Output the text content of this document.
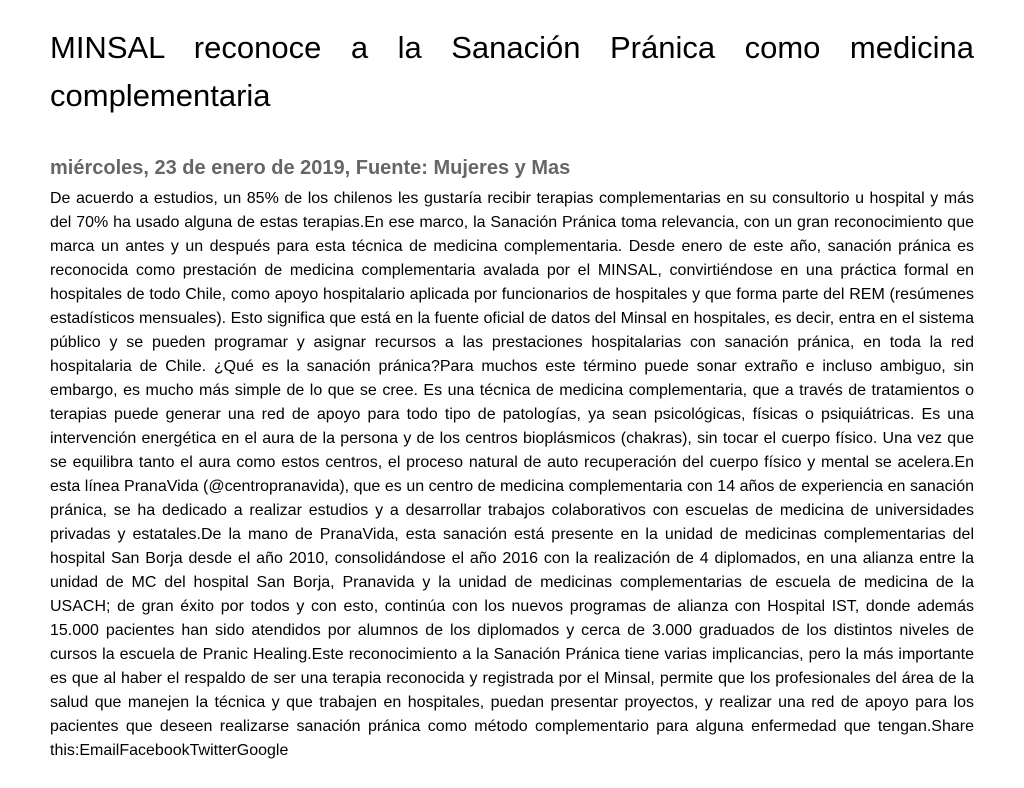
MINSAL reconoce a la Sanación Pránica como medicina complementaria
miércoles, 23 de enero de 2019, Fuente: Mujeres y Mas

De acuerdo a estudios, un 85% de los chilenos les gustaría recibir terapias complementarias en su consultorio u hospital y más del 70% ha usado alguna de estas terapias.En ese marco, la Sanación Pránica toma relevancia, con un gran reconocimiento que marca un antes y un después para esta técnica de medicina complementaria. Desde enero de este año, sanación pránica es reconocida como prestación de medicina complementaria avalada por el MINSAL, convirtiéndose en una práctica formal en hospitales de todo Chile, como apoyo hospitalario aplicada por funcionarios de hospitales y que forma parte del REM (resúmenes estadísticos mensuales). Esto significa que está en la fuente oficial de datos del Minsal en hospitales, es decir, entra en el sistema público y se pueden programar y asignar recursos a las prestaciones hospitalarias con sanación pránica, en toda la red hospitalaria de Chile. ¿Qué es la sanación pránica?Para muchos este término puede sonar extraño e incluso ambiguo, sin embargo, es mucho más simple de lo que se cree. Es una técnica de medicina complementaria, que a través de tratamientos o terapias puede generar una red de apoyo para todo tipo de patologías, ya sean psicológicas, físicas o psiquiátricas. Es una intervención energética en el aura de la persona y de los centros bioplásmicos (chakras), sin tocar el cuerpo físico. Una vez que se equilibra tanto el aura como estos centros, el proceso natural de auto recuperación del cuerpo físico y mental se acelera.En esta línea PranaVida (@centropranavida), que es un centro de medicina complementaria con 14 años de experiencia en sanación pránica, se ha dedicado a realizar estudios y a desarrollar trabajos colaborativos con escuelas de medicina de universidades privadas y estatales.De la mano de PranaVida, esta sanación está presente en la unidad de medicinas complementarias del hospital San Borja desde el año 2010, consolidándose el año 2016 con la realización de 4 diplomados, en una alianza entre la unidad de MC del hospital San Borja, Pranavida y la unidad de medicinas complementarias de escuela de medicina de la USACH; de gran éxito por todos y con esto, continúa con los nuevos programas de alianza con Hospital IST, donde además 15.000 pacientes han sido atendidos por alumnos de los diplomados y cerca de 3.000 graduados de los distintos niveles de cursos la escuela de Pranic Healing.Este reconocimiento a la Sanación Pránica tiene varias implicancias, pero la más importante es que al haber el respaldo de ser una terapia reconocida y registrada por el Minsal, permite que los profesionales del área de la salud que manejen la técnica y que trabajen en hospitales, puedan presentar proyectos, y realizar una red de apoyo para los pacientes que deseen realizarse sanación pránica como método complementario para alguna enfermedad que tengan.Share this:EmailFacebookTwitterGoogle
